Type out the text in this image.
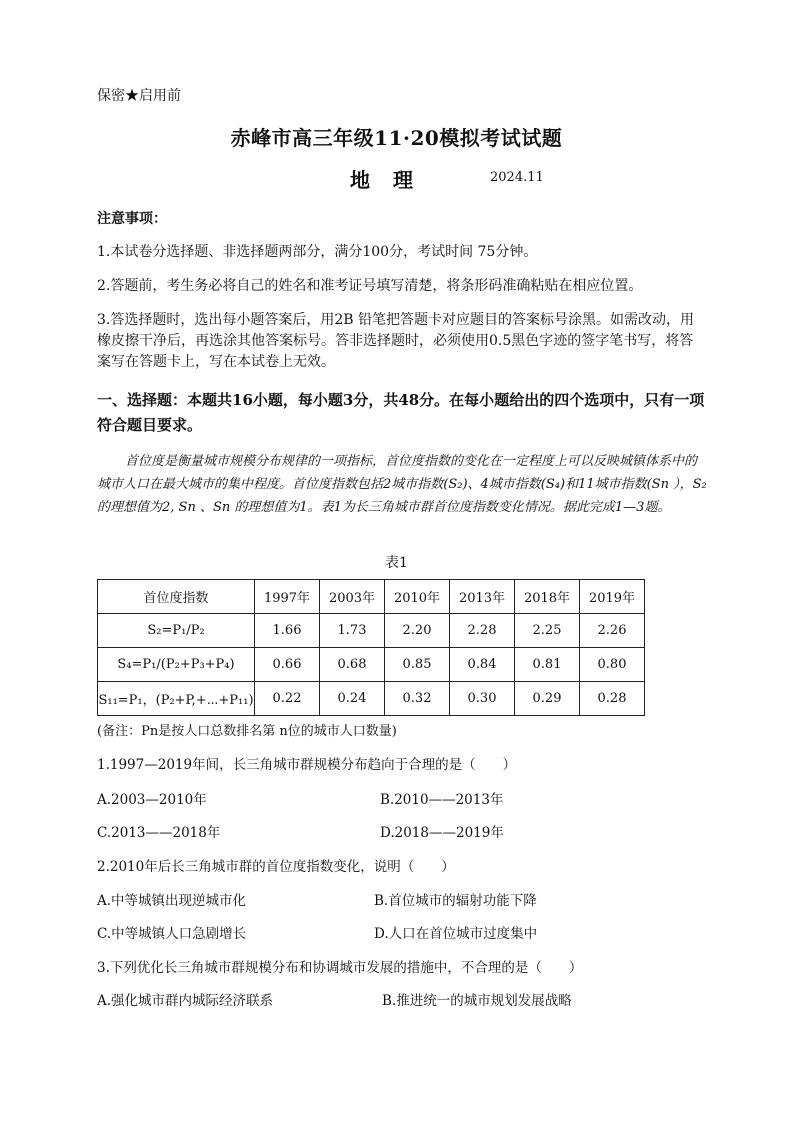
保密★启用前
赤峰市高三年级11·20模拟考试试题
地 理	2024.11
注意事项：
1.本试卷分选择题、非选择题两部分，满分100分，考试时间 75分钟。
2.答题前，考生务必将自己的姓名和准考证号填写清楚，将条形码准确粘贴在相应位置。
3.答选择题时，选出每小题答案后，用2B 铅笔把答题卡对应题目的答案标号涂黑。如需改动，用橡皮擦干净后，再选涂其他答案标号。答非选择题时，必须使用0.5黑色字迹的签字笔书写，将答案写在答题卡上，写在本试卷上无效。
一、选择题：本题共16小题，每小题3分，共48分。在每小题给出的四个选项中，只有一项符合题目要求。
首位度是衡量城市规模分布规律的一项指标，首位度指数的变化在一定程度上可以反映城镇体系中的城市人口在最大城市的集中程度。首位度指数包括2城市指数(S₂)、4城市指数(S₄)和11城市指数(Sn ），S₂的理想值为2, Sn 、Sn 的理想值为1。表1为长三角城市群首位度指数变化情况。据此完成1—3题。
表1
首位度指数	1997年	2003年	2010年	2013年	2018年	2019年
S₂=P₁/P₂	1.66	1.73	2.20	2.28	2.25	2.26
S₄=P₁/(P₂+P₃+P₄)	0.66	0.68	0.85	0.84	0.81	0.80
S₁₁=P₁，(P₂+P,+⋯+P₁₁)	0.22	0.24	0.32	0.30	0.29	0.28
(备注：Pn是按人口总数排名第 n位的城市人口数量)
1.1997—2019年间，长三角城市群规模分布趋向于合理的是（　　）
A.2003—2010年	B.2010——2013年
C.2013——2018年	D.2018——2019年
2.2010年后长三角城市群的首位度指数变化，说明（　　）
A.中等城镇出现逆城市化	B.首位城市的辐射功能下降
C.中等城镇人口急剧增长	D.人口在首位城市过度集中
3.下列优化长三角城市群规模分布和协调城市发展的措施中，不合理的是（　　）
A.强化城市群内城际经济联系	B.推进统一的城市规划发展战略
